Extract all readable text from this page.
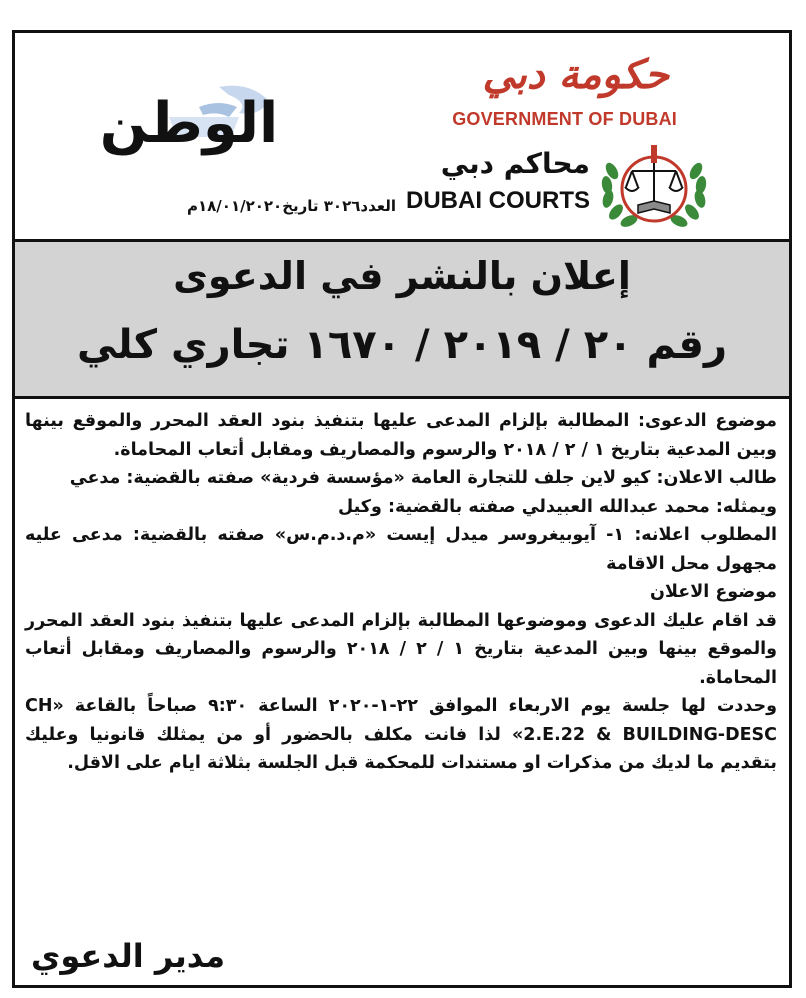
حكومة دبي
GOVERNMENT OF DUBAI
محاكم دبي
DUBAI COURTS
الوطن
العدد٣٠٢٦ تاريخ١٨/٠١/٢٠٢٠م
إعلان بالنشر في الدعوى
رقم ٢٠ / ٢٠١٩ / ١٦٧٠ تجاري كلي

موضوع الدعوى: المطالبة بإلزام المدعى عليها بتنفيذ بنود العقد المحرر والموقع بينها وبين المدعية بتاريخ ١ / ٢ / ٢٠١٨ والرسوم والمصاريف ومقابل أتعاب المحاماة.

طالب الاعلان: كيو لاين جلف للتجارة العامة «مؤسسة فردية» صفته بالقضية: مدعي

ويمثله: محمد عبدالله العبيدلي صفته بالقضية: وكيل

المطلوب اعلانه: ١- آيوبيغروسر ميدل إيست «م.د.م.س» صفته بالقضية: مدعى عليه مجهول محل الاقامة

موضوع الاعلان

قد اقام عليك الدعوى وموضوعها المطالبة بإلزام المدعى عليها بتنفيذ بنود العقد المحرر والموقع بينها وبين المدعية بتاريخ ١ / ٢ / ٢٠١٨ والرسوم والمصاريف ومقابل أتعاب المحاماة.

وحددت لها جلسة يوم الاربعاء الموافق ٢٢-١-٢٠٢٠ الساعة ٩:٣٠ صباحاً بالقاعة «CH 2.E.22 & BUILDING-DESC» لذا فانت مكلف بالحضور أو من يمثلك قانونيا وعليك بتقديم ما لديك من مذكرات او مستندات للمحكمة قبل الجلسة بثلاثة ايام على الاقل.

مدير الدعوي
